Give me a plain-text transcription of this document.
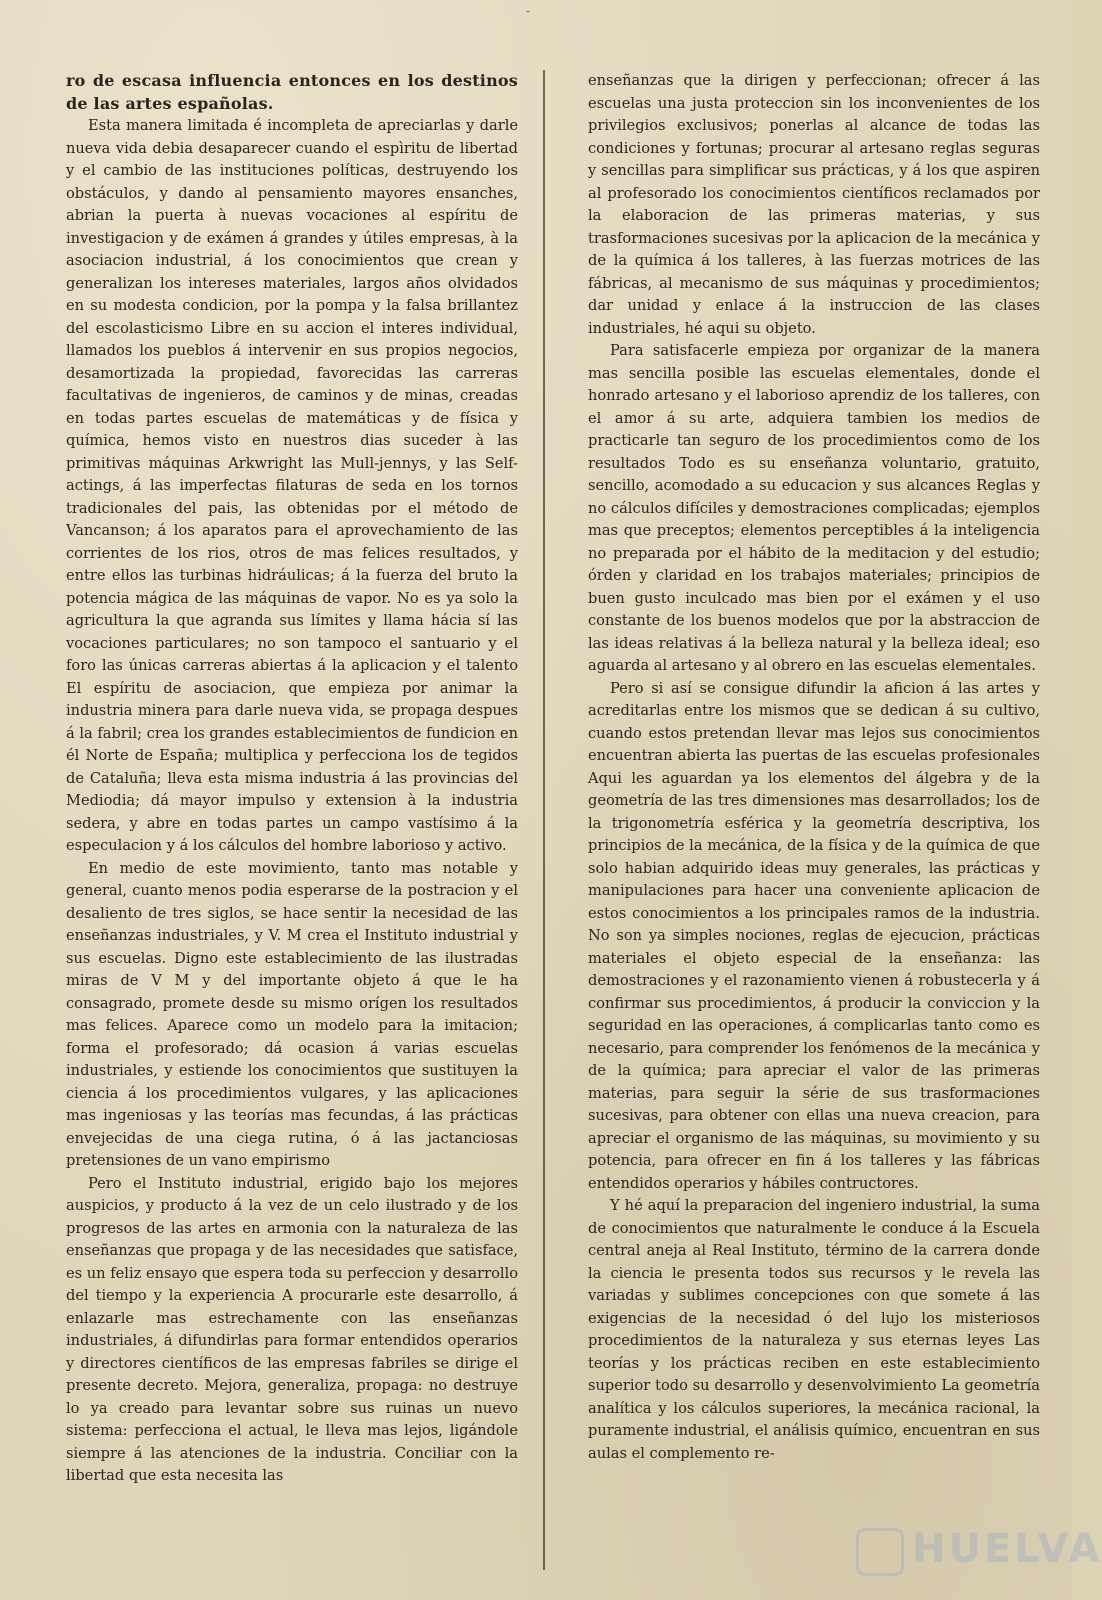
-

ro de escasa influencia entonces en los destinos de las artes españolas.

Esta manera limitada é incompleta de apreciarlas y darle nueva vida debia desaparecer cuando el espìritu de libertad y el cambio de las instituciones políticas, destruyendo los obstáculos, y dando al pensamiento mayores ensanches, abrian la puerta à nuevas vocaciones al espíritu de investigacion y de exámen á grandes y útiles empresas, à la asociacion industrial, á los conocimientos que crean y generalizan los intereses materiales, largos años olvidados en su modesta condicion, por la pompa y la falsa brillantez del escolasticismo Libre en su accion el interes individual, llamados los pueblos á intervenir en sus propios negocios, desamortizada la propiedad, favorecidas las carreras facultativas de ingenieros, de caminos y de minas, creadas en todas partes escuelas de matemáticas y de física y química, hemos visto en nuestros dias suceder à las primitivas máquinas Arkwright las Mull-jennys, y las Self-actings, á las imperfectas filaturas de seda en los tornos tradicionales del pais, las obtenidas por el método de Vancanson; á los aparatos para el aprovechamiento de las corrientes de los rios, otros de mas felices resultados, y entre ellos las turbinas hidráulicas; á la fuerza del bruto la potencia mágica de las máquinas de vapor. No es ya solo la agricultura la que agranda sus límites y llama hácia sí las vocaciones particulares; no son tampoco el santuario y el foro las únicas carreras abiertas á la aplicacion y el talento El espíritu de asociacion, que empieza por animar la industria minera para darle nueva vida, se propaga despues á la fabril; crea los grandes establecimientos de fundicion en él Norte de España; multiplica y perfecciona los de tegidos de Cataluña; lleva esta misma industria á las provincias del Mediodia; dá mayor impulso y extension à la industria sedera, y abre en todas partes un campo vastísimo á la especulacion y á los cálculos del hombre laborioso y activo.

En medio de este movimiento, tanto mas notable y general, cuanto menos podia esperarse de la postracion y el desaliento de tres siglos, se hace sentir la necesidad de las enseñanzas industriales, y V. M crea el Instituto industrial y sus escuelas. Digno este establecimiento de las ilustradas miras de V M y del importante objeto á que le ha consagrado, promete desde su mismo orígen los resultados mas felices. Aparece como un modelo para la imitacion; forma el profesorado; dá ocasion á varias escuelas industriales, y estiende los conocimientos que sustituyen la ciencia á los procedimientos vulgares, y las aplicaciones mas ingeniosas y las teorías mas fecundas, á las prácticas envejecidas de una ciega rutina, ó á las jactanciosas pretensiones de un vano empirismo

Pero el Instituto industrial, erigido bajo los mejores auspicios, y producto á la vez de un celo ilustrado y de los progresos de las artes en armonia con la naturaleza de las enseñanzas que propaga y de las necesidades que satisface, es un feliz ensayo que espera toda su perfeccion y desarrollo del tiempo y la experiencia A procurarle este desarrollo, á enlazarle mas estrechamente con las enseñanzas industriales, á difundirlas para formar entendidos operarios y directores científicos de las empresas fabriles se dirige el presente decreto. Mejora, generaliza, propaga: no destruye lo ya creado para levantar sobre sus ruinas un nuevo sistema: perfecciona el actual, le lleva mas lejos, ligándole siempre á las atenciones de la industria. Conciliar con la libertad que esta necesita las

enseñanzas que la dirigen y perfeccionan; ofrecer á las escuelas una justa proteccion sin los inconvenientes de los privilegios exclusivos; ponerlas al alcance de todas las condiciones y fortunas; procurar al artesano reglas seguras y sencillas para simplificar sus prácticas, y á los que aspiren al profesorado los conocimientos científicos reclamados por la elaboracion de las primeras materias, y sus trasformaciones sucesivas por la aplicacion de la mecánica y de la química á los talleres, à las fuerzas motrices de las fábricas, al mecanismo de sus máquinas y procedimientos; dar unidad y enlace á la instruccion de las clases industriales, hé aqui su objeto.

Para satisfacerle empieza por organizar de la manera mas sencilla posible las escuelas elementales, donde el honrado artesano y el laborioso aprendiz de los talleres, con el amor á su arte, adquiera tambien los medios de practicarle tan seguro de los procedimientos como de los resultados Todo es su enseñanza voluntario, gratuito, sencillo, acomodado a su educacion y sus alcances Reglas y no cálculos difíciles y demostraciones complicadas; ejemplos mas que preceptos; elementos perceptibles á la inteligencia no preparada por el hábito de la meditacion y del estudio; órden y claridad en los trabajos materiales; principios de buen gusto inculcado mas bien por el exámen y el uso constante de los buenos modelos que por la abstraccion de las ideas relativas á la belleza natural y la belleza ideal; eso aguarda al artesano y al obrero en las escuelas elementales.

Pero si así se consigue difundir la aficion á las artes y acreditarlas entre los mismos que se dedican á su cultivo, cuando estos pretendan llevar mas lejos sus conocimientos encuentran abierta las puertas de las escuelas profesionales Aqui les aguardan ya los elementos del álgebra y de la geometría de las tres dimensiones mas desarrollados; los de la trigonometría esférica y la geometría descriptiva, los principios de la mecánica, de la física y de la química de que solo habian adquirido ideas muy generales, las prácticas y manipulaciones para hacer una conveniente aplicacion de estos conocimientos a los principales ramos de la industria. No son ya simples nociones, reglas de ejecucion, prácticas materiales el objeto especial de la enseñanza: las demostraciones y el razonamiento vienen á robustecerla y á confirmar sus procedimientos, á producir la conviccion y la seguridad en las operaciones, á complicarlas tanto como es necesario, para comprender los fenómenos de la mecánica y de la química; para apreciar el valor de las primeras materias, para seguir la série de sus trasformaciones sucesivas, para obtener con ellas una nueva creacion, para apreciar el organismo de las máquinas, su movimiento y su potencia, para ofrecer en fin á los talleres y las fábricas entendidos operarios y hábiles contructores.

Y hé aquí la preparacion del ingeniero industrial, la suma de conocimientos que naturalmente le conduce á la Escuela central aneja al Real Instituto, término de la carrera donde la ciencia le presenta todos sus recursos y le revela las variadas y sublimes concepciones con que somete á las exigencias de la necesidad ó del lujo los misteriosos procedimientos de la naturaleza y sus eternas leyes Las teorías y los prácticas reciben en este establecimiento superior todo su desarrollo y desenvolvimiento La geometría analítica y los cálculos superiores, la mecánica racional, la puramente industrial, el análisis químico, encuentran en sus aulas el complemento re-

HUELVA
